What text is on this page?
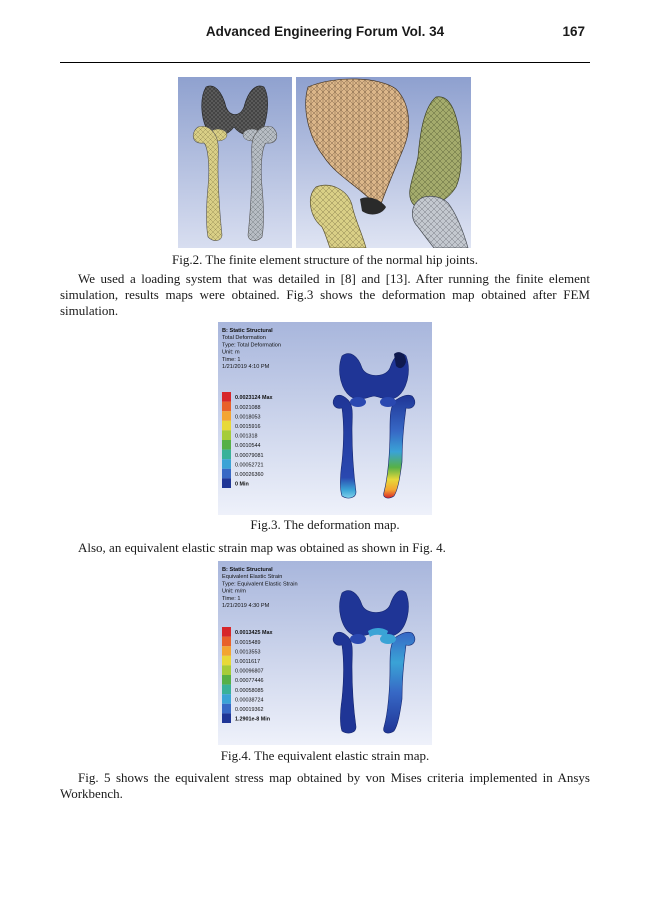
Advanced Engineering Forum Vol. 34	167
Fig.2. The finite element structure of the normal hip joints.

We used a loading system that was detailed in [8] and [13]. After running the finite element simulation, results maps were obtained. Fig.3 shows the deformation map obtained after FEM simulation.

B: Static Structural
Total Deformation
Type: Total Deformation
Unit: m
Time: 1
1/21/2019 4:10 PM
0.0023124 Max
0.0021088
0.0018053
0.0015916
0.001318
0.0010544
0.00079081
0.00052721
0.00026360
0 Min
Fig.3. The deformation map.

Also, an equivalent elastic strain map was obtained as shown in Fig. 4.

B: Static Structural
Equivalent Elastic Strain
Type: Equivalent Elastic Strain
Unit: m/m
Time: 1
1/21/2019 4:30 PM
0.0013425 Max
0.0015489
0.0013553
0.0011617
0.00096807
0.00077446
0.00058085
0.00038724
0.00019362
1.2901e-8 Min
Fig.4. The equivalent elastic strain map.

Fig. 5 shows the equivalent stress map obtained by von Mises criteria implemented in Ansys Workbench.
